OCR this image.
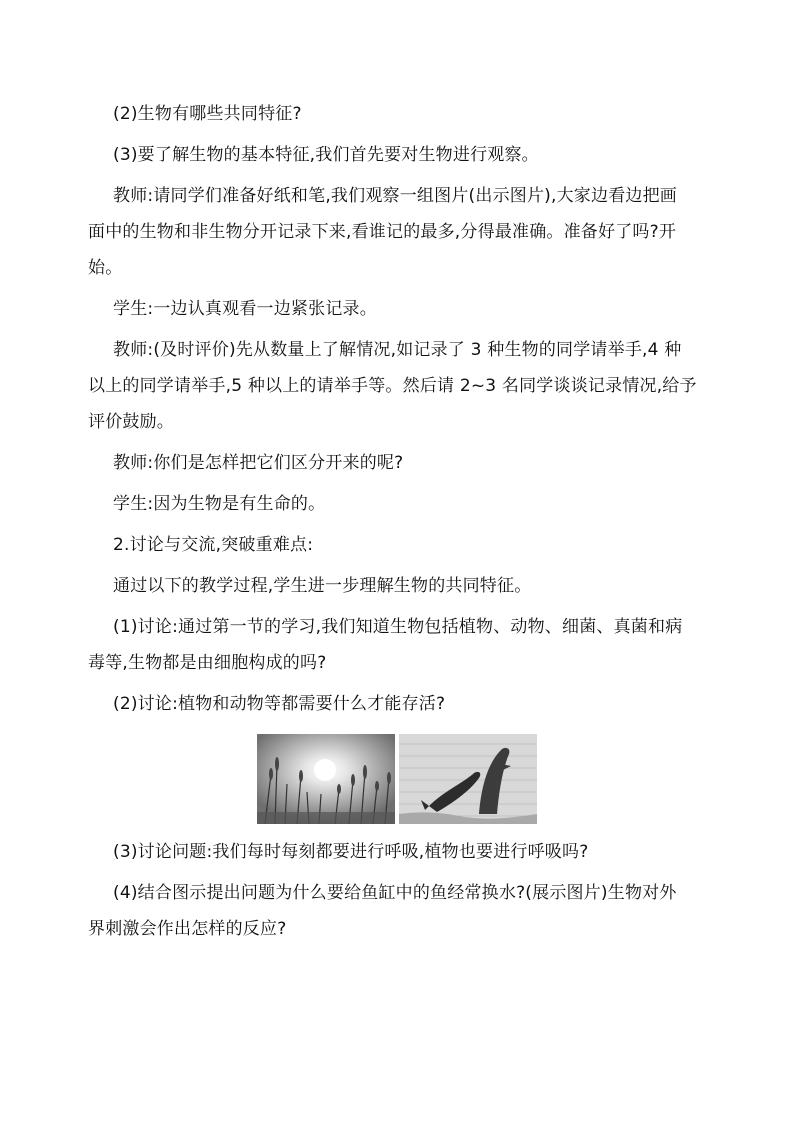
(2)生物有哪些共同特征?

(3)要了解生物的基本特征,我们首先要对生物进行观察。

教师:请同学们准备好纸和笔,我们观察一组图片(出示图片),大家边看边把画

面中的生物和非生物分开记录下来,看谁记的最多,分得最准确。准备好了吗?开

始。

学生:一边认真观看一边紧张记录。

教师:(及时评价)先从数量上了解情况,如记录了 3 种生物的同学请举手,4 种

以上的同学请举手,5 种以上的请举手等。然后请 2~3 名同学谈谈记录情况,给予

评价鼓励。

教师:你们是怎样把它们区分开来的呢?

学生:因为生物是有生命的。

2.讨论与交流,突破重难点:

通过以下的教学过程,学生进一步理解生物的共同特征。

(1)讨论:通过第一节的学习,我们知道生物包括植物、动物、细菌、真菌和病

毒等,生物都是由细胞构成的吗?

(2)讨论:植物和动物等都需要什么才能存活?

(3)讨论问题:我们每时每刻都要进行呼吸,植物也要进行呼吸吗?

(4)结合图示提出问题为什么要给鱼缸中的鱼经常换水?(展示图片)生物对外

界刺激会作出怎样的反应?
